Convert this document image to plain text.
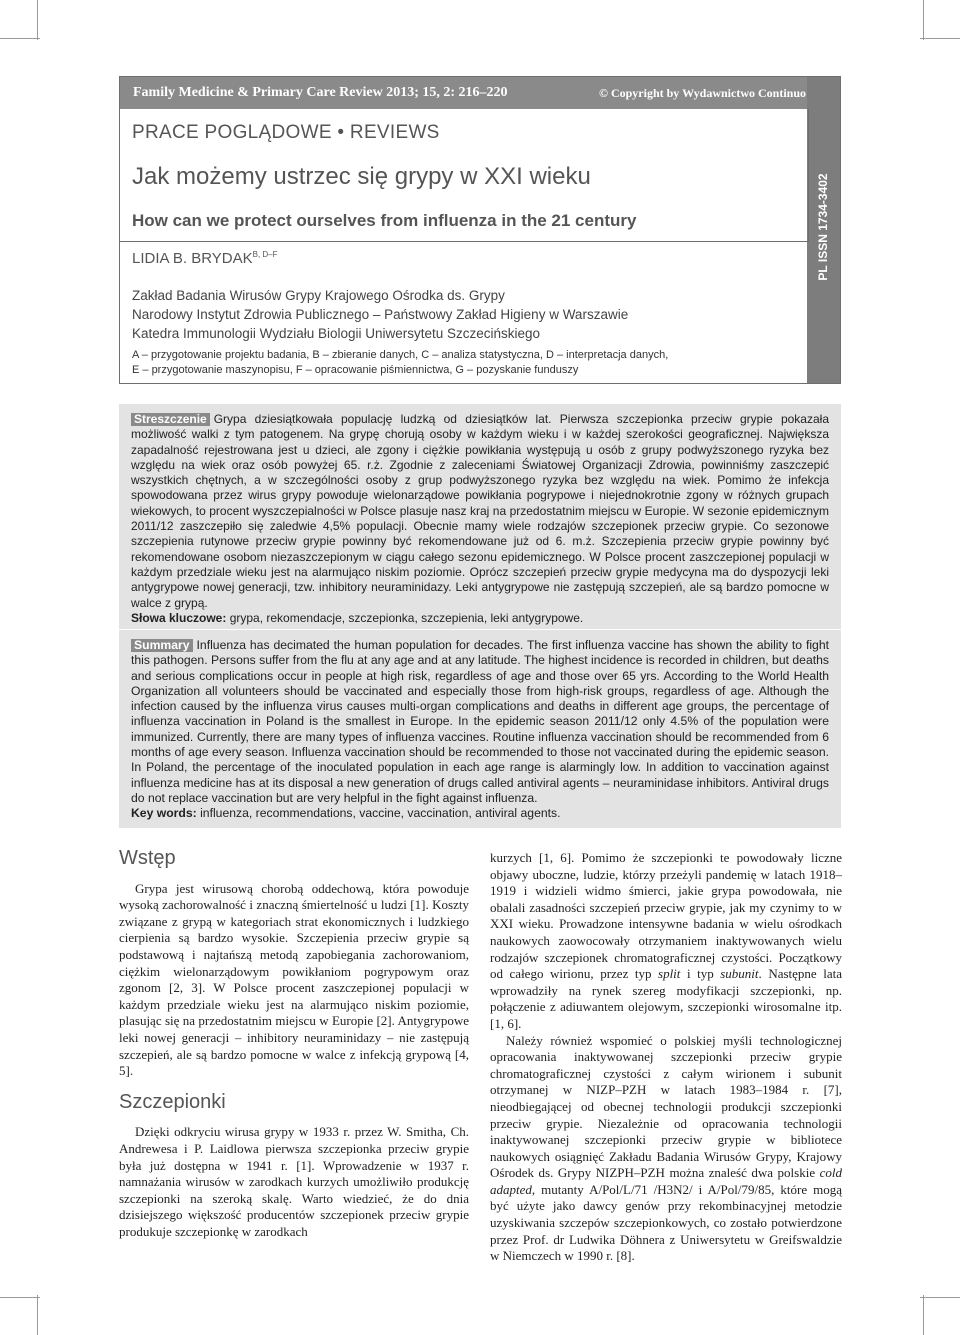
Family Medicine & Primary Care Review 2013; 15, 2: 216–220	© Copyright by Wydawnictwo Continuo
PL ISSN 1734-3402
PRACE POGLĄDOWE • REVIEWS
Jak możemy ustrzec się grypy w XXI wieku
How can we protect ourselves from influenza in the 21 century
LIDIA B. $BRYDAK^{B, D-F}$
Zakład Badania Wirusów Grypy Krajowego Ośrodka ds. Grypy
Narodowy Instytut Zdrowia Publicznego – Państwowy Zakład Higieny w Warszawie
Katedra Immunologii Wydziału Biologii Uniwersytetu Szczecińskiego
A – przygotowanie projektu badania, B – zbieranie danych, C – analiza statystyczna, D – interpretacja danych,
E – przygotowanie maszynopisu, F – opracowanie piśmiennictwa, G – pozyskanie funduszy

Streszczenie Grypa dziesiątkowała populację ludzką od dziesiątków lat. Pierwsza szczepionka przeciw grypie pokazała możliwość walki z tym patogenem. Na grypę chorują osoby w każdym wieku i w każdej szerokości geograficznej. Największa zapadalność rejestrowana jest u dzieci, ale zgony i ciężkie powikłania występują u osób z grupy podwyższonego ryzyka bez względu na wiek oraz osób powyżej 65. r.ż. Zgodnie z zaleceniami Światowej Organizacji Zdrowia, powinniśmy zaszczepić wszystkich chętnych, a w szczególności osoby z grup podwyższonego ryzyka bez względu na wiek. Pomimo że infekcja spowodowana przez wirus grypy powoduje wielonarządowe powikłania pogrypowe i niejednokrotnie zgony w różnych grupach wiekowych, to procent wyszczepialności w Polsce plasuje nasz kraj na przedostatnim miejscu w Europie. W sezonie epidemicznym 2011/12 zaszczepiło się zaledwie 4,5% populacji. Obecnie mamy wiele rodzajów szczepionek przeciw grypie. Co sezonowe szczepienia rutynowe przeciw grypie powinny być rekomendowane już od 6. m.ż. Szczepienia przeciw grypie powinny być rekomendowane osobom niezaszczepionym w ciągu całego sezonu epidemicznego. W Polsce procent zaszczepionej populacji w każdym przedziale wieku jest na alarmująco niskim poziomie. Oprócz szczepień przeciw grypie medycyna ma do dyspozycji leki antygrypowe nowej generacji, tzw. inhibitory neuraminidazy. Leki antygrypowe nie zastępują szczepień, ale są bardzo pomocne w walce z grypą.

Słowa kluczowe: grypa, rekomendacje, szczepionka, szczepienia, leki antygrypowe.

Summary Influenza has decimated the human population for decades. The first influenza vaccine has shown the ability to fight this pathogen. Persons suffer from the flu at any age and at any latitude. The highest incidence is recorded in children, but deaths and serious complications occur in people at high risk, regardless of age and those over 65 yrs. According to the World Health Organization all volunteers should be vaccinated and especially those from high-risk groups, regardless of age. Although the infection caused by the influenza virus causes multi-organ complications and deaths in different age groups, the percentage of influenza vaccination in Poland is the smallest in Europe. In the epidemic season 2011/12 only 4.5% of the population were immunized. Currently, there are many types of influenza vaccines. Routine influenza vaccination should be recommended from 6 months of age every season. Influenza vaccination should be recommended to those not vaccinated during the epidemic season. In Poland, the percentage of the inoculated population in each age range is alarmingly low. In addition to vaccination against influenza medicine has at its disposal a new generation of drugs called antiviral agents – neuraminidase inhibitors. Antiviral drugs do not replace vaccination but are very helpful in the fight against influenza.

Key words: influenza, recommendations, vaccine, vaccination, antiviral agents.

Wstęp

Grypa jest wirusową chorobą oddechową, która powoduje wysoką zachorowalność i znaczną śmiertelność u ludzi [1]. Koszty związane z grypą w kategoriach strat ekonomicznych i ludzkiego cierpienia są bardzo wysokie. Szczepienia przeciw grypie są podstawową i najtańszą metodą zapobiegania zachorowaniom, ciężkim wielonarządowym powikłaniom pogrypowym oraz zgonom [2, 3]. W Polsce procent zaszczepionej populacji w każdym przedziale wieku jest na alarmująco niskim poziomie, plasując się na przedostatnim miejscu w Europie [2]. Antygrypowe leki nowej generacji – inhibitory neuraminidazy – nie zastępują szczepień, ale są bardzo pomocne w walce z infekcją grypową [4, 5].

Szczepionki

Dzięki odkryciu wirusa grypy w 1933 r. przez W. Smitha, Ch. Andrewesa i P. Laidlowa pierwsza szczepionka przeciw grypie była już dostępna w 1941 r. [1]. Wprowadzenie w 1937 r. namnażania wirusów w zarodkach kurzych umożliwiło produkcję szczepionki na szeroką skalę. Warto wiedzieć, że do dnia dzisiejszego większość producentów szczepionek przeciw grypie produkuje szczepionkę w zarodkach

kurzych [1, 6]. Pomimo że szczepionki te powodowały liczne objawy uboczne, ludzie, którzy przeżyli pandemię w latach 1918–1919 i widzieli widmo śmierci, jakie grypa powodowała, nie obalali zasadności szczepień przeciw grypie, jak my czynimy to w XXI wieku. Prowadzone intensywne badania w wielu ośrodkach naukowych zaowocowały otrzymaniem inaktywowanych wielu rodzajów szczepionek chromatograficznej czystości. Początkowy od całego wirionu, przez typ split i typ subunit. Następne lata wprowadziły na rynek szereg modyfikacji szczepionki, np. połączenie z adiuwantem olejowym, szczepionki wirosomalne itp. [1, 6].

Należy również wspomieć o polskiej myśli technologicznej opracowania inaktywowanej szczepionki przeciw grypie chromatograficznej czystości z całym wirionem i subunit otrzymanej w NIZP–PZH w latach 1983–1984 r. [7], nieodbiegającej od obecnej technologii produkcji szczepionki przeciw grypie. Niezależnie od opracowania technologii inaktywowanej szczepionki przeciw grypie w bibliotece naukowych osiągnięć Zakładu Badania Wirusów Grypy, Krajowy Ośrodek ds. Grypy NIZPH–PZH można znaleść dwa polskie cold adapted, mutanty A/Pol/L/71 /H3N2/ i A/Pol/79/85, które mogą być użyte jako dawcy genów przy rekombinacyjnej metodzie uzyskiwania szczepów szczepionkowych, co zostało potwierdzone przez Prof. dr Ludwika Döhnera z Uniwersytetu w Greifswaldzie w Niemczech w 1990 r. [8].
